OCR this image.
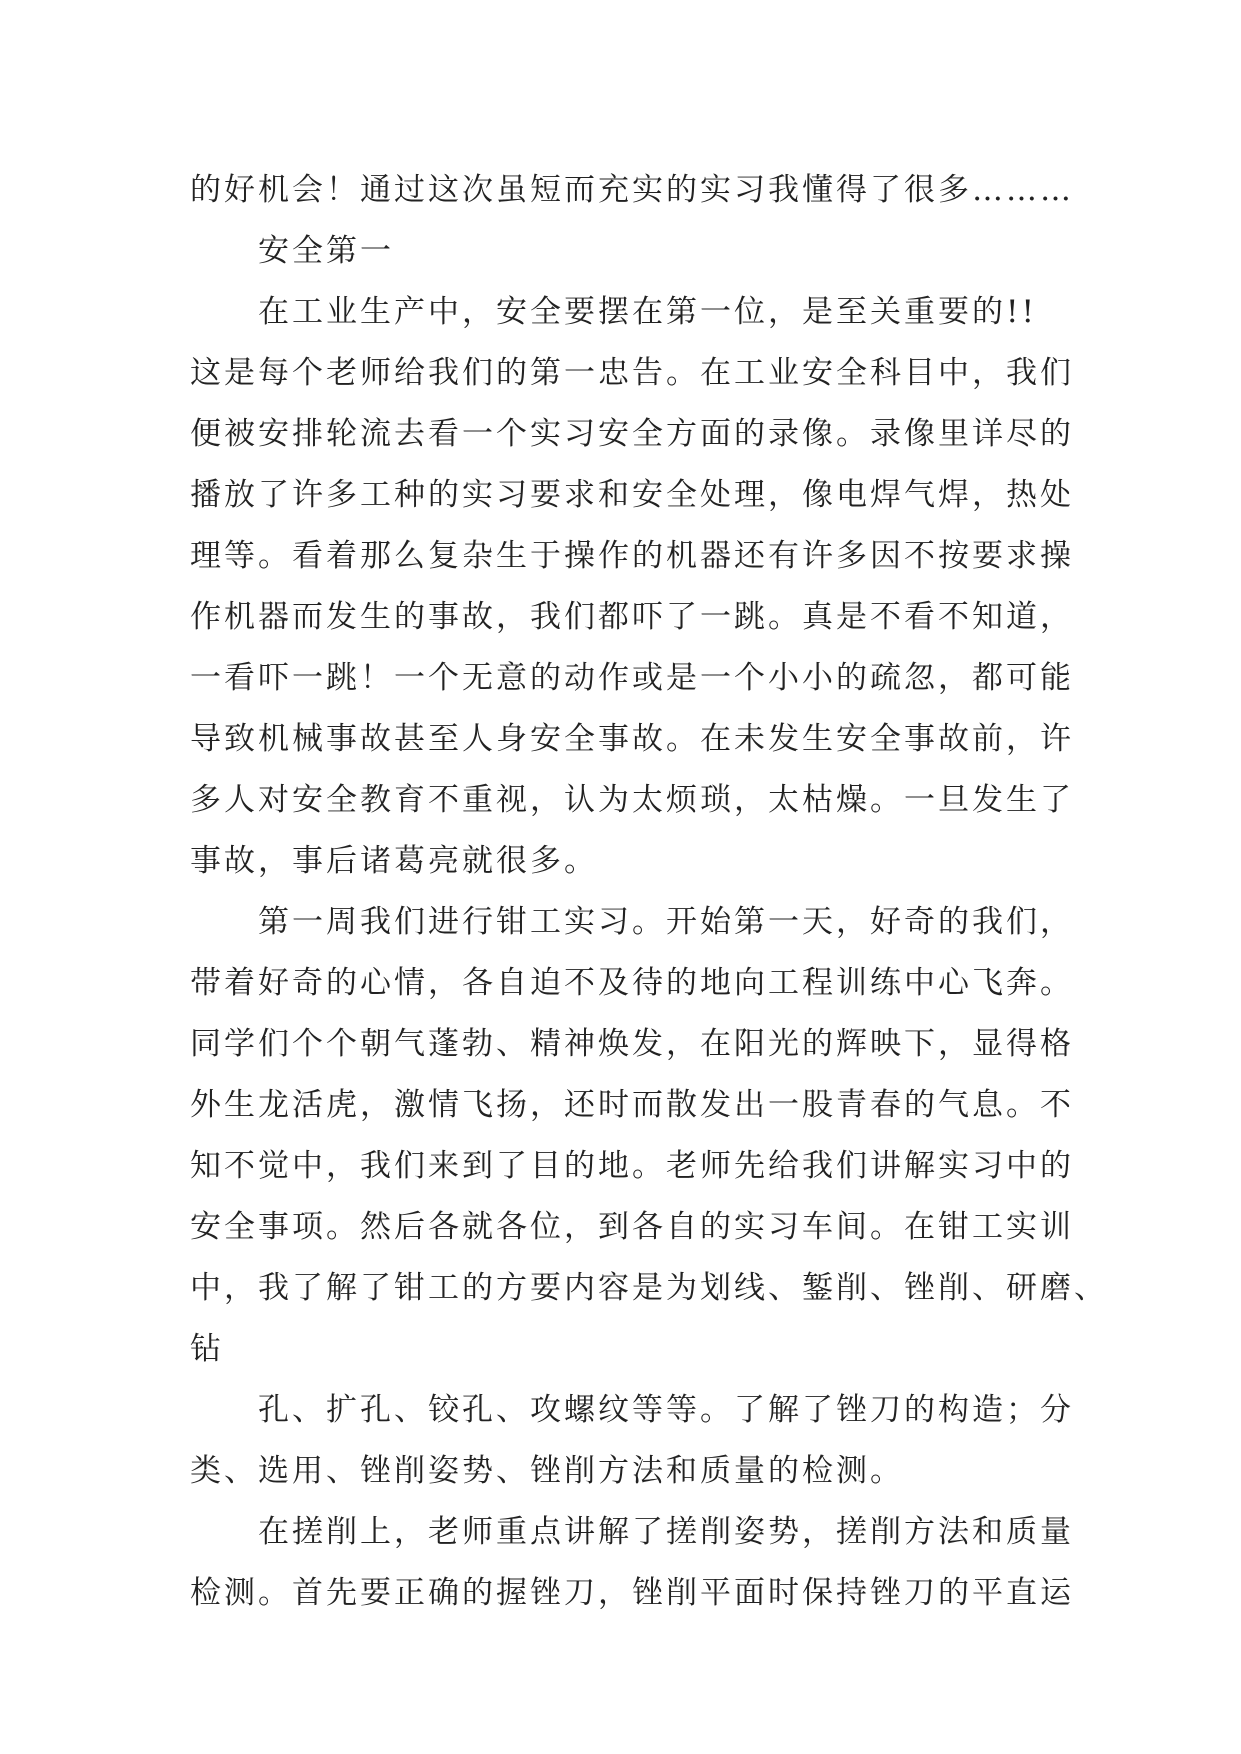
的好机会！通过这次虽短而充实的实习我懂得了很多………
安全第一
在工业生产中，安全要摆在第一位，是至关重要的!!
这是每个老师给我们的第一忠告。在工业安全科目中，我们
便被安排轮流去看一个实习安全方面的录像。录像里详尽的
播放了许多工种的实习要求和安全处理，像电焊气焊，热处
理等。看着那么复杂生于操作的机器还有许多因不按要求操
作机器而发生的事故，我们都吓了一跳。真是不看不知道，
一看吓一跳！一个无意的动作或是一个小小的疏忽，都可能
导致机械事故甚至人身安全事故。在未发生安全事故前，许
多人对安全教育不重视，认为太烦琐，太枯燥。一旦发生了
事故，事后诸葛亮就很多。
第一周我们进行钳工实习。开始第一天，好奇的我们，
带着好奇的心情，各自迫不及待的地向工程训练中心飞奔。
同学们个个朝气蓬勃、精神焕发，在阳光的辉映下，显得格
外生龙活虎，激情飞扬，还时而散发出一股青春的气息。不
知不觉中，我们来到了目的地。老师先给我们讲解实习中的
安全事项。然后各就各位，到各自的实习车间。在钳工实训
中，我了解了钳工的方要内容是为划线、錾削、锉削、研磨、
钻
孔、扩孔、铰孔、攻螺纹等等。了解了锉刀的构造；分
类、选用、锉削姿势、锉削方法和质量的检测。
在搓削上，老师重点讲解了搓削姿势，搓削方法和质量
检测。首先要正确的握锉刀，锉削平面时保持锉刀的平直运
